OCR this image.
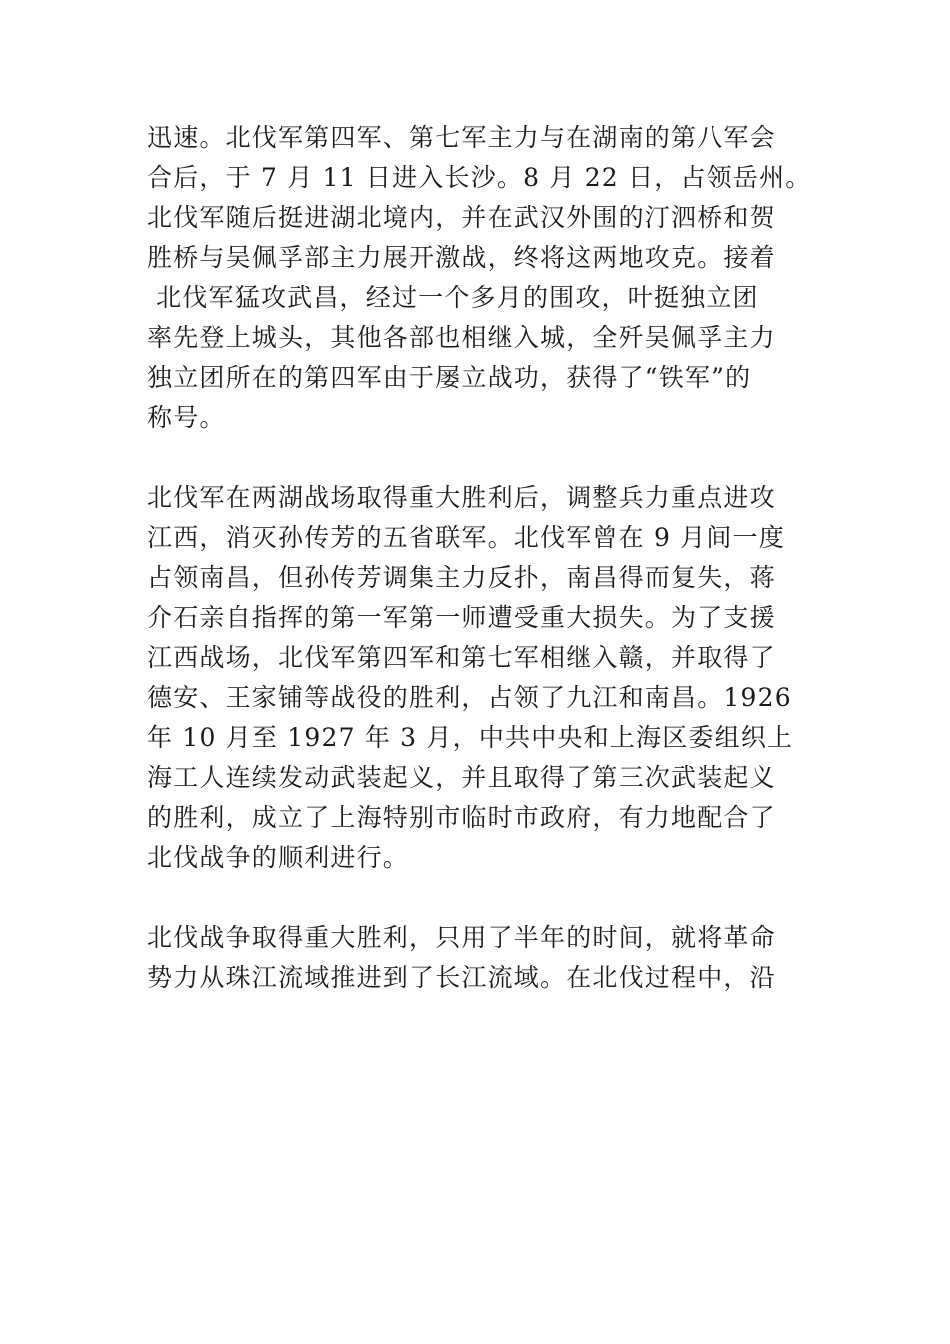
迅速。北伐军第四军、第七军主力与在湖南的第八军会
合后，于 7 月 11 日进入长沙。8 月 22 日，占领岳州。
北伐军随后挺进湖北境内，并在武汉外围的汀泗桥和贺
胜桥与吴佩孚部主力展开激战，终将这两地攻克。接着
北伐军猛攻武昌，经过一个多月的围攻，叶挺独立团
率先登上城头，其他各部也相继入城，全歼吴佩孚主力
独立团所在的第四军由于屡立战功，获得了“铁军”的
称号。

北伐军在两湖战场取得重大胜利后，调整兵力重点进攻
江西，消灭孙传芳的五省联军。北伐军曾在 9 月间一度
占领南昌，但孙传芳调集主力反扑，南昌得而复失，蒋
介石亲自指挥的第一军第一师遭受重大损失。为了支援
江西战场，北伐军第四军和第七军相继入赣，并取得了
德安、王家铺等战役的胜利，占领了九江和南昌。1926
年 10 月至 1927 年 3 月，中共中央和上海区委组织上
海工人连续发动武装起义，并且取得了第三次武装起义
的胜利，成立了上海特别市临时市政府，有力地配合了
北伐战争的顺利进行。

北伐战争取得重大胜利，只用了半年的时间，就将革命
势力从珠江流域推进到了长江流域。在北伐过程中，沿
